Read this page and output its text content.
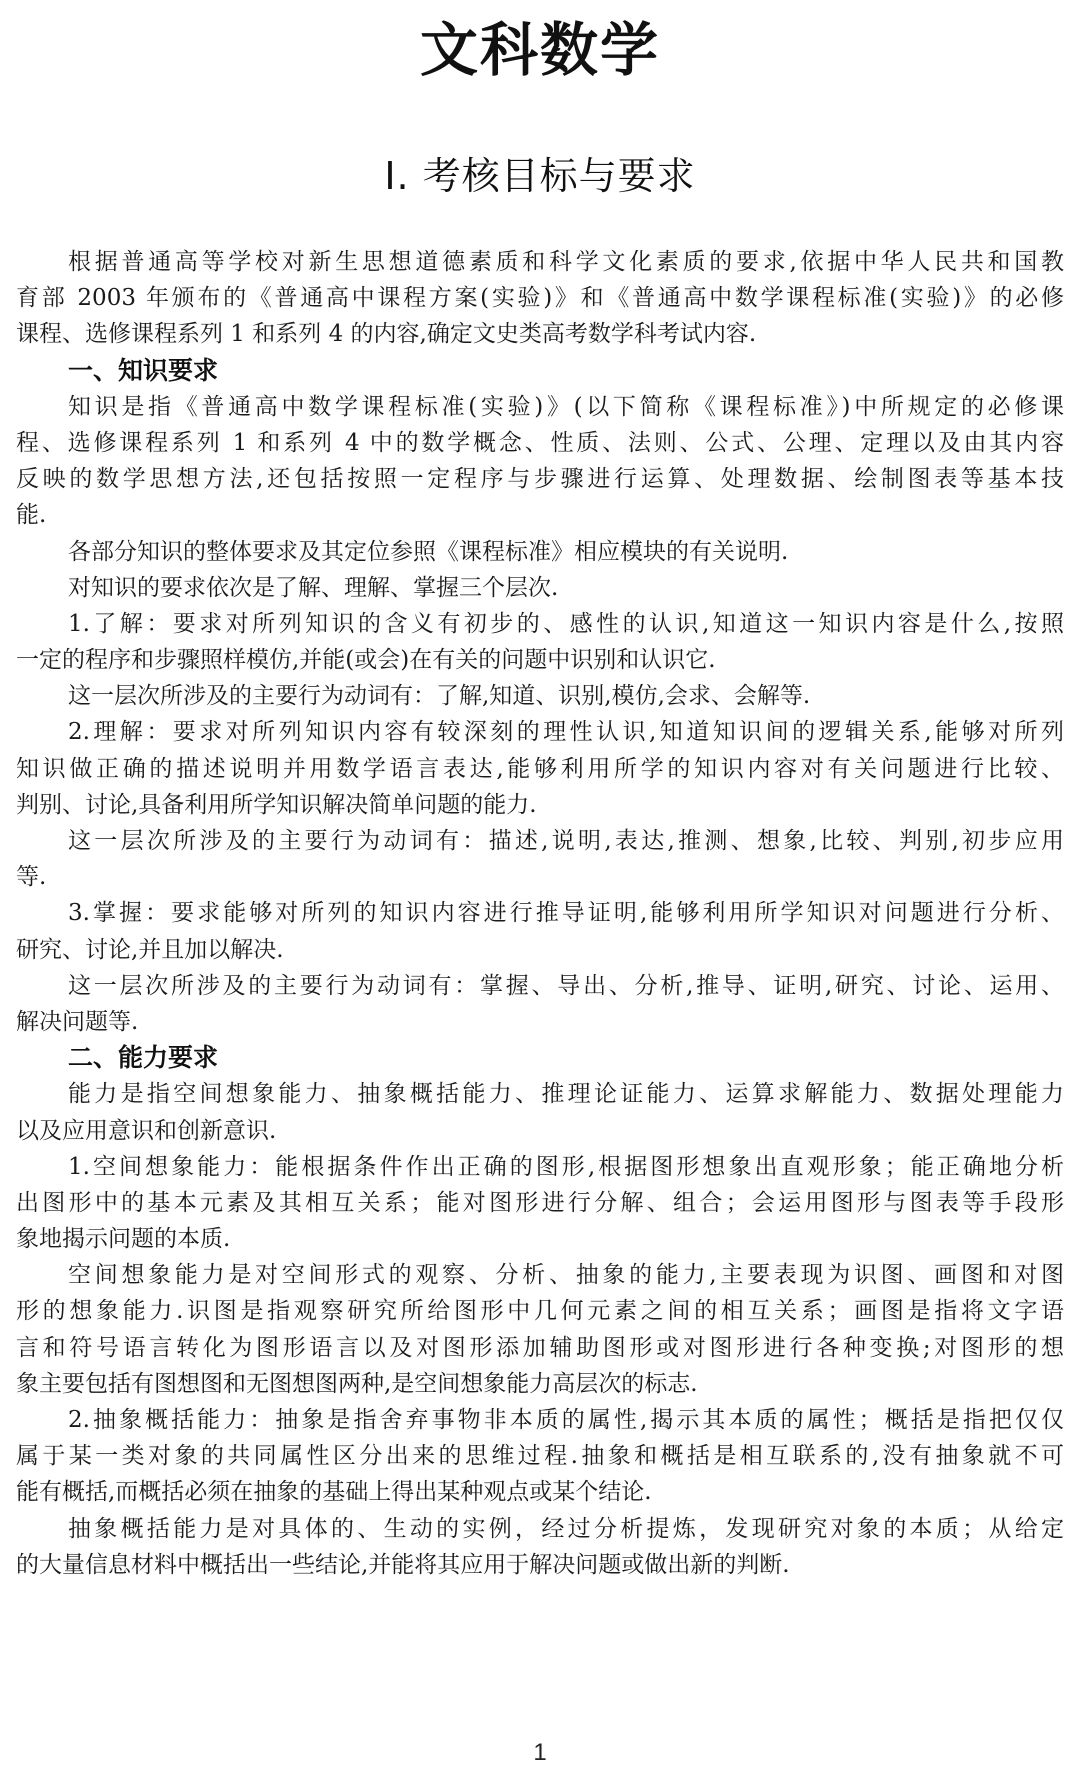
文科数学
Ⅰ. 考核目标与要求
根据普通高等学校对新生思想道德素质和科学文化素质的要求,依据中华人民共和国教
育部 2003 年颁布的《普通高中课程方案(实验)》和《普通高中数学课程标准(实验)》的必修
课程、选修课程系列 1 和系列 4 的内容,确定文史类高考数学科考试内容.
一、知识要求
知识是指《普通高中数学课程标准(实验)》(以下简称《课程标准》)中所规定的必修课
程、选修课程系列 1 和系列 4 中的数学概念、性质、法则、公式、公理、定理以及由其内容
反映的数学思想方法,还包括按照一定程序与步骤进行运算、处理数据、绘制图表等基本技
能.
各部分知识的整体要求及其定位参照《课程标准》相应模块的有关说明.
对知识的要求依次是了解、理解、掌握三个层次.
1.了解：要求对所列知识的含义有初步的、感性的认识,知道这一知识内容是什么,按照
一定的程序和步骤照样模仿,并能(或会)在有关的问题中识别和认识它.
这一层次所涉及的主要行为动词有：了解,知道、识别,模仿,会求、会解等.
2.理解：要求对所列知识内容有较深刻的理性认识,知道知识间的逻辑关系,能够对所列
知识做正确的描述说明并用数学语言表达,能够利用所学的知识内容对有关问题进行比较、
判别、讨论,具备利用所学知识解决简单问题的能力.
这一层次所涉及的主要行为动词有：描述,说明,表达,推测、想象,比较、判别,初步应用
等.
3.掌握：要求能够对所列的知识内容进行推导证明,能够利用所学知识对问题进行分析、
研究、讨论,并且加以解决.
这一层次所涉及的主要行为动词有：掌握、导出、分析,推导、证明,研究、讨论、运用、
解决问题等.
二、能力要求
能力是指空间想象能力、抽象概括能力、推理论证能力、运算求解能力、数据处理能力
以及应用意识和创新意识.
1.空间想象能力：能根据条件作出正确的图形,根据图形想象出直观形象；能正确地分析
出图形中的基本元素及其相互关系；能对图形进行分解、组合；会运用图形与图表等手段形
象地揭示问题的本质.
空间想象能力是对空间形式的观察、分析、抽象的能力,主要表现为识图、画图和对图
形的想象能力.识图是指观察研究所给图形中几何元素之间的相互关系；画图是指将文字语
言和符号语言转化为图形语言以及对图形添加辅助图形或对图形进行各种变换;对图形的想
象主要包括有图想图和无图想图两种,是空间想象能力高层次的标志.
2.抽象概括能力：抽象是指舍弃事物非本质的属性,揭示其本质的属性；概括是指把仅仅
属于某一类对象的共同属性区分出来的思维过程.抽象和概括是相互联系的,没有抽象就不可
能有概括,而概括必须在抽象的基础上得出某种观点或某个结论.
抽象概括能力是对具体的、生动的实例，经过分析提炼，发现研究对象的本质；从给定
的大量信息材料中概括出一些结论,并能将其应用于解决问题或做出新的判断.
1
